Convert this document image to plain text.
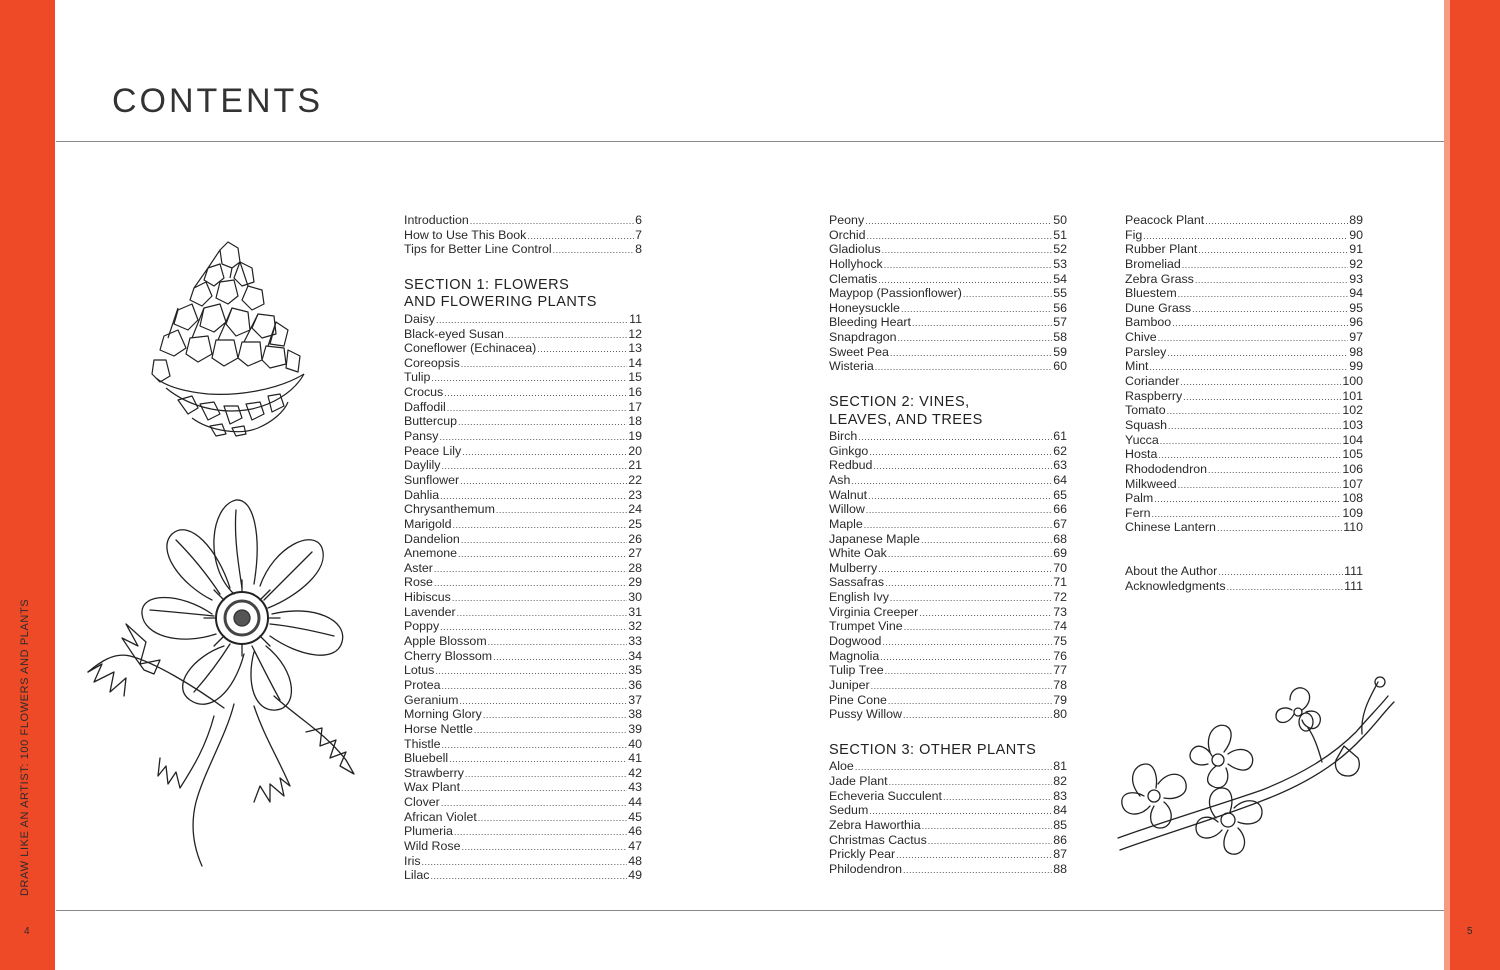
CONTENTS
DRAW LIKE AN ARTIST: 100 FLOWERS AND PLANTS
4	5
Introduction .....	6
How to Use This Book .....	7
Tips for Better Line Control .....	8
SECTION 1: FLOWERS
AND FLOWERING PLANTS
Daisy .....	11
Black-eyed Susan .....	12
Coneflower (Echinacea) .....	13
Coreopsis .....	14
Tulip .....	15
Crocus .....	16
Daffodil .....	17
Buttercup .....	18
Pansy .....	19
Peace Lily .....	20
Daylily .....	21
Sunflower .....	22
Dahlia .....	23
Chrysanthemum .....	24
Marigold .....	25
Dandelion .....	26
Anemone .....	27
Aster .....	28
Rose .....	29
Hibiscus .....	30
Lavender .....	31
Poppy .....	32
Apple Blossom .....	33
Cherry Blossom .....	34
Lotus .....	35
Protea .....	36
Geranium .....	37
Morning Glory .....	38
Horse Nettle .....	39
Thistle .....	40
Bluebell .....	41
Strawberry .....	42
Wax Plant .....	43
Clover .....	44
African Violet .....	45
Plumeria .....	46
Wild Rose .....	47
Iris .....	48
Lilac .....	49
Peony .....	50
Orchid .....	51
Gladiolus .....	52
Hollyhock .....	53
Clematis .....	54
Maypop (Passionflower) .....	55
Honeysuckle .....	56
Bleeding Heart .....	57
Snapdragon .....	58
Sweet Pea .....	59
Wisteria .....	60
SECTION 2: VINES,
LEAVES, AND TREES
Birch .....	61
Ginkgo .....	62
Redbud .....	63
Ash .....	64
Walnut .....	65
Willow .....	66
Maple .....	67
Japanese Maple .....	68
White Oak .....	69
Mulberry .....	70
Sassafras .....	71
English Ivy .....	72
Virginia Creeper .....	73
Trumpet Vine .....	74
Dogwood .....	75
Magnolia .....	76
Tulip Tree .....	77
Juniper .....	78
Pine Cone .....	79
Pussy Willow .....	80
SECTION 3: OTHER PLANTS
Aloe .....	81
Jade Plant .....	82
Echeveria Succulent .....	83
Sedum .....	84
Zebra Haworthia .....	85
Christmas Cactus .....	86
Prickly Pear .....	87
Philodendron .....	88
Peacock Plant .....	89
Fig .....	90
Rubber Plant .....	91
Bromeliad .....	92
Zebra Grass .....	93
Bluestem .....	94
Dune Grass .....	95
Bamboo .....	96
Chive .....	97
Parsley .....	98
Mint .....	99
Coriander .....	100
Raspberry .....	101
Tomato .....	102
Squash .....	103
Yucca .....	104
Hosta .....	105
Rhododendron .....	106
Milkweed .....	107
Palm .....	108
Fern .....	109
Chinese Lantern .....	110
About the Author .....	111
Acknowledgments .....	111
